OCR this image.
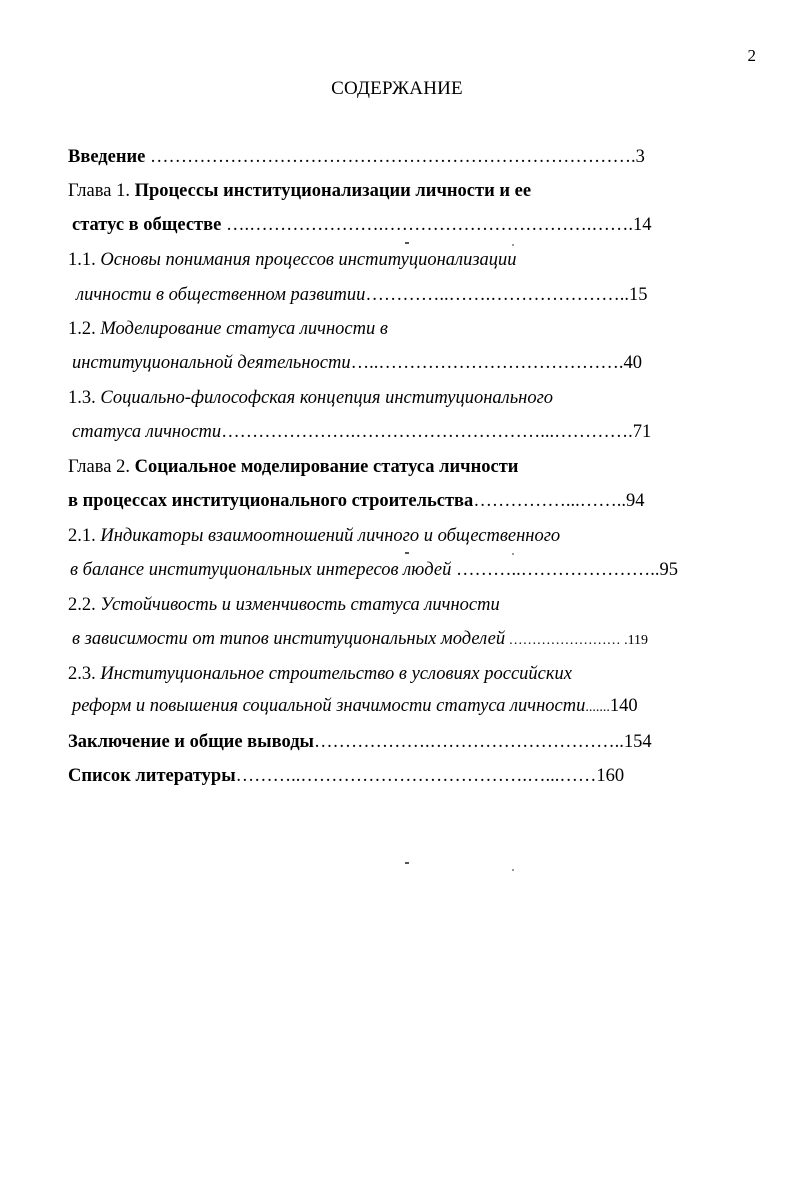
2
СОДЕРЖАНИЕ
Введение …………………………………………………………………….3
Глава 1. Процессы институционализации личности и ее
статус в обществе ….………………….…………………………….…….14
1.1. Основы понимания процессов институционализации
личности в общественном развитии…………..…….…………………..15
1.2. Моделирование статуса личности в
институциональной деятельности…..………………………………….40
1.3. Социально-философская концепция институционального
статуса личности………………….…………………………...………….71
Глава 2. Социальное моделирование статуса личности
в процессах институционального строительства……………...……..94
2.1. Индикаторы взаимоотношений личного и общественного
в балансе институциональных интересов людей ………..…………………..95
2.2. Устойчивость и изменчивость статуса личности
в зависимости от типов институциональных моделей …………………… .119
2.3. Институциональное строительство в условиях российских
реформ и повышения социальной значимости статуса личности.......140
Заключение и общие выводы……………….…………………………..154
Список литературы………..……………………………….…...……160
